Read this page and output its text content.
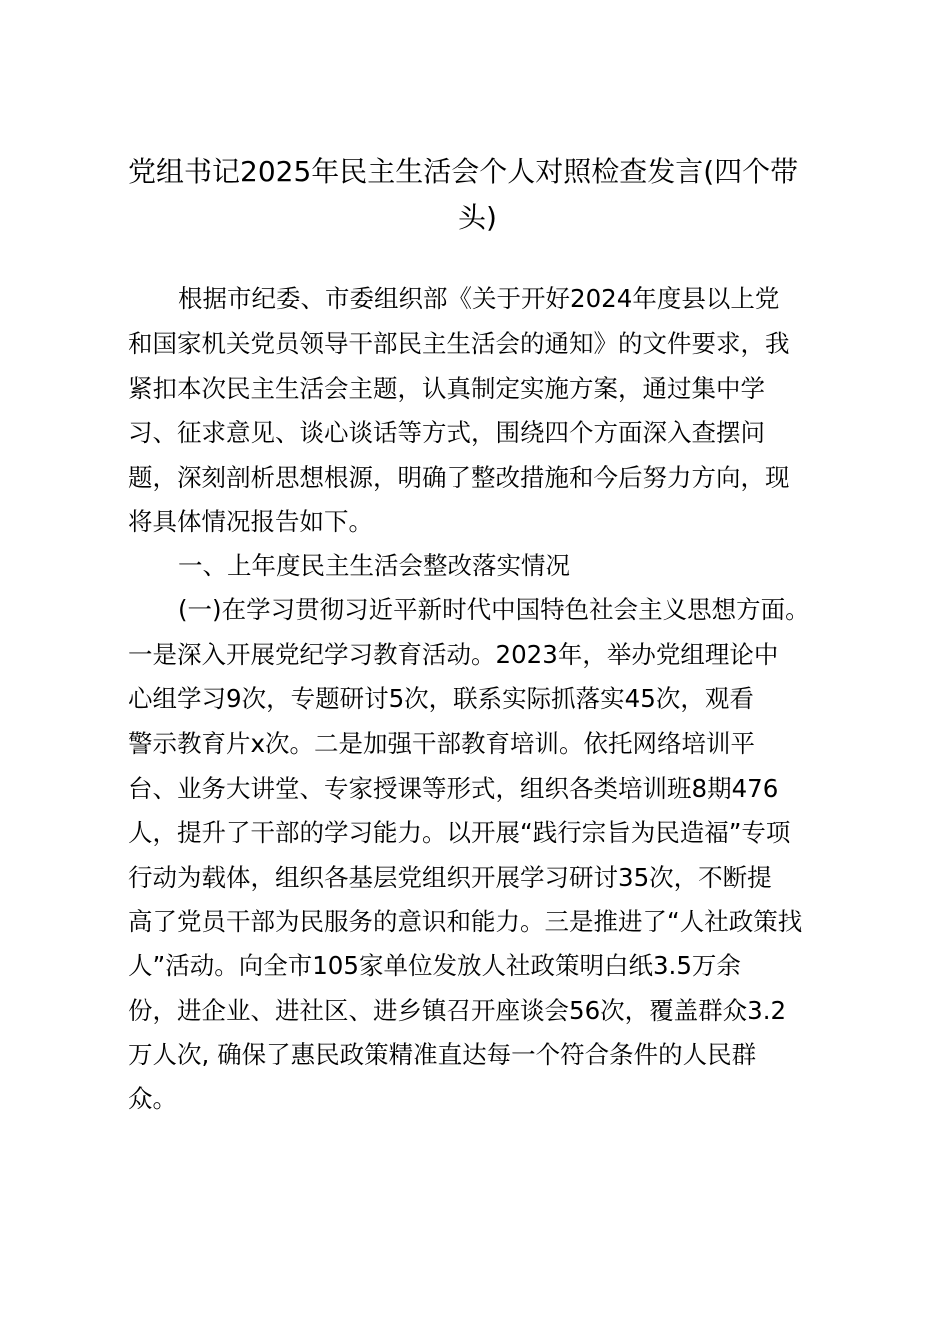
党组书记2025年民主生活会个人对照检查发言(四个带
头)
根据市纪委、市委组织部《关于开好2024年度县以上党
和国家机关党员领导干部民主生活会的通知》的文件要求，我
紧扣本次民主生活会主题，认真制定实施方案，通过集中学
习、征求意见、谈心谈话等方式，围绕四个方面深入查摆问
题，深刻剖析思想根源，明确了整改措施和今后努力方向，现
将具体情况报告如下。
一、上年度民主生活会整改落实情况
(一)在学习贯彻习近平新时代中国特色社会主义思想方面。
一是深入开展党纪学习教育活动。2023年，举办党组理论中
心组学习9次，专题研讨5次，联系实际抓落实45次，观看
警示教育片x次。二是加强干部教育培训。依托网络培训平
台、业务大讲堂、专家授课等形式，组织各类培训班8期476
人，提升了干部的学习能力。以开展“践行宗旨为民造福”专项
行动为载体，组织各基层党组织开展学习研讨35次，不断提
高了党员干部为民服务的意识和能力。三是推进了“人社政策找
人”活动。向全市105家单位发放人社政策明白纸3.5万余
份，进企业、进社区、进乡镇召开座谈会56次，覆盖群众3.2
万人次, 确保了惠民政策精准直达每一个符合条件的人民群
众。
